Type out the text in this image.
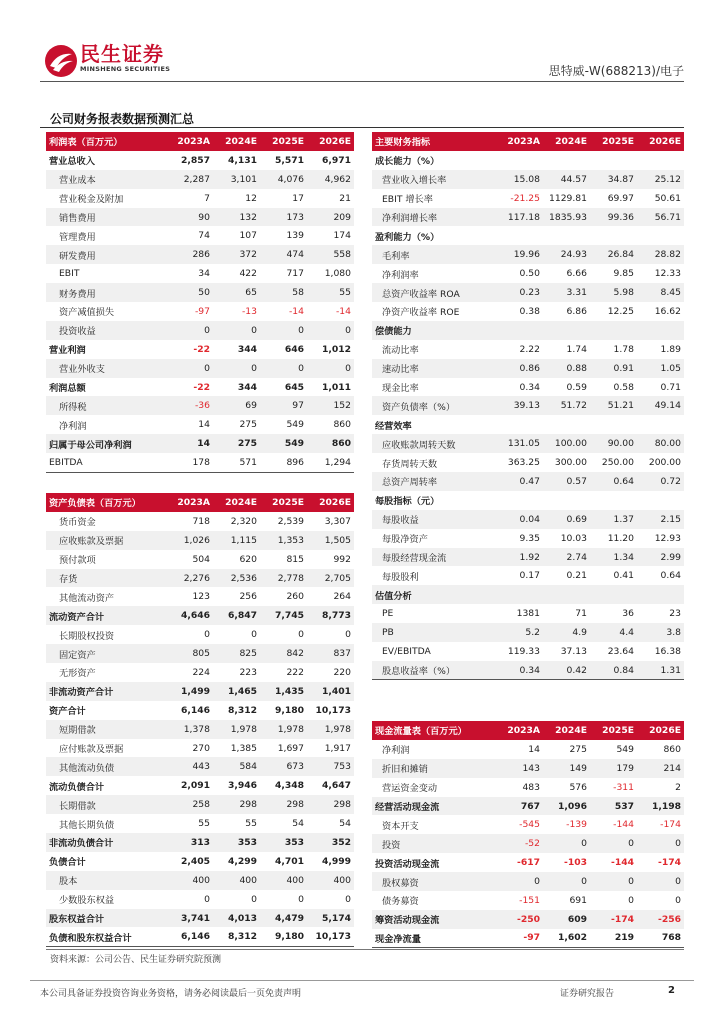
民生证券
MINSHENG SECURITIES	思特威-W(688213)/电子
公司财务报表数据预测汇总
利润表（百万元）	2023A	2024E	2025E	2026E
营业总收入	2,857	4,131	5,571	6,971
营业成本	2,287	3,101	4,076	4,962
营业税金及附加	7	12	17	21
销售费用	90	132	173	209
管理费用	74	107	139	174
研发费用	286	372	474	558
EBIT	34	422	717	1,080
财务费用	50	65	58	55
资产减值损失	-97	-13	-14	-14
投资收益	0	0	0	0
营业利润	-22	344	646	1,012
营业外收支	0	0	0	0
利润总额	-22	344	645	1,011
所得税	-36	69	97	152
净利润	14	275	549	860
归属于母公司净利润	14	275	549	860
EBITDA	178	571	896	1,294
资产负债表（百万元）	2023A	2024E	2025E	2026E
货币资金	718	2,320	2,539	3,307
应收账款及票据	1,026	1,115	1,353	1,505
预付款项	504	620	815	992
存货	2,276	2,536	2,778	2,705
其他流动资产	123	256	260	264
流动资产合计	4,646	6,847	7,745	8,773
长期股权投资	0	0	0	0
固定资产	805	825	842	837
无形资产	224	223	222	220
非流动资产合计	1,499	1,465	1,435	1,401
资产合计	6,146	8,312	9,180	10,173
短期借款	1,378	1,978	1,978	1,978
应付账款及票据	270	1,385	1,697	1,917
其他流动负债	443	584	673	753
流动负债合计	2,091	3,946	4,348	4,647
长期借款	258	298	298	298
其他长期负债	55	55	54	54
非流动负债合计	313	353	353	352
负债合计	2,405	4,299	4,701	4,999
股本	400	400	400	400
少数股东权益	0	0	0	0
股东权益合计	3,741	4,013	4,479	5,174
负债和股东权益合计	6,146	8,312	9,180	10,173
主要财务指标	2023A	2024E	2025E	2026E
成长能力（%）				
营业收入增长率	15.08	44.57	34.87	25.12
EBIT 增长率	-21.25	1129.81	69.97	50.61
净利润增长率	117.18	1835.93	99.36	56.71
盈利能力（%）				
毛利率	19.96	24.93	26.84	28.82
净利润率	0.50	6.66	9.85	12.33
总资产收益率 ROA	0.23	3.31	5.98	8.45
净资产收益率 ROE	0.38	6.86	12.25	16.62
偿债能力				
流动比率	2.22	1.74	1.78	1.89
速动比率	0.86	0.88	0.91	1.05
现金比率	0.34	0.59	0.58	0.71
资产负债率（%）	39.13	51.72	51.21	49.14
经营效率				
应收账款周转天数	131.05	100.00	90.00	80.00
存货周转天数	363.25	300.00	250.00	200.00
总资产周转率	0.47	0.57	0.64	0.72
每股指标（元）				
每股收益	0.04	0.69	1.37	2.15
每股净资产	9.35	10.03	11.20	12.93
每股经营现金流	1.92	2.74	1.34	2.99
每股股利	0.17	0.21	0.41	0.64
估值分析				
PE	1381	71	36	23
PB	5.2	4.9	4.4	3.8
EV/EBITDA	119.33	37.13	23.64	16.38
股息收益率（%）	0.34	0.42	0.84	1.31
现金流量表（百万元）	2023A	2024E	2025E	2026E
净利润	14	275	549	860
折旧和摊销	143	149	179	214
营运资金变动	483	576	-311	2
经营活动现金流	767	1,096	537	1,198
资本开支	-545	-139	-144	-174
投资	-52	0	0	0
投资活动现金流	-617	-103	-144	-174
股权募资	0	0	0	0
债务募资	-151	691	0	0
筹资活动现金流	-250	609	-174	-256
现金净流量	-97	1,602	219	768
资料来源：公司公告、民生证券研究院预测
本公司具备证券投资咨询业务资格，请务必阅读最后一页免责声明	证券研究报告	2
